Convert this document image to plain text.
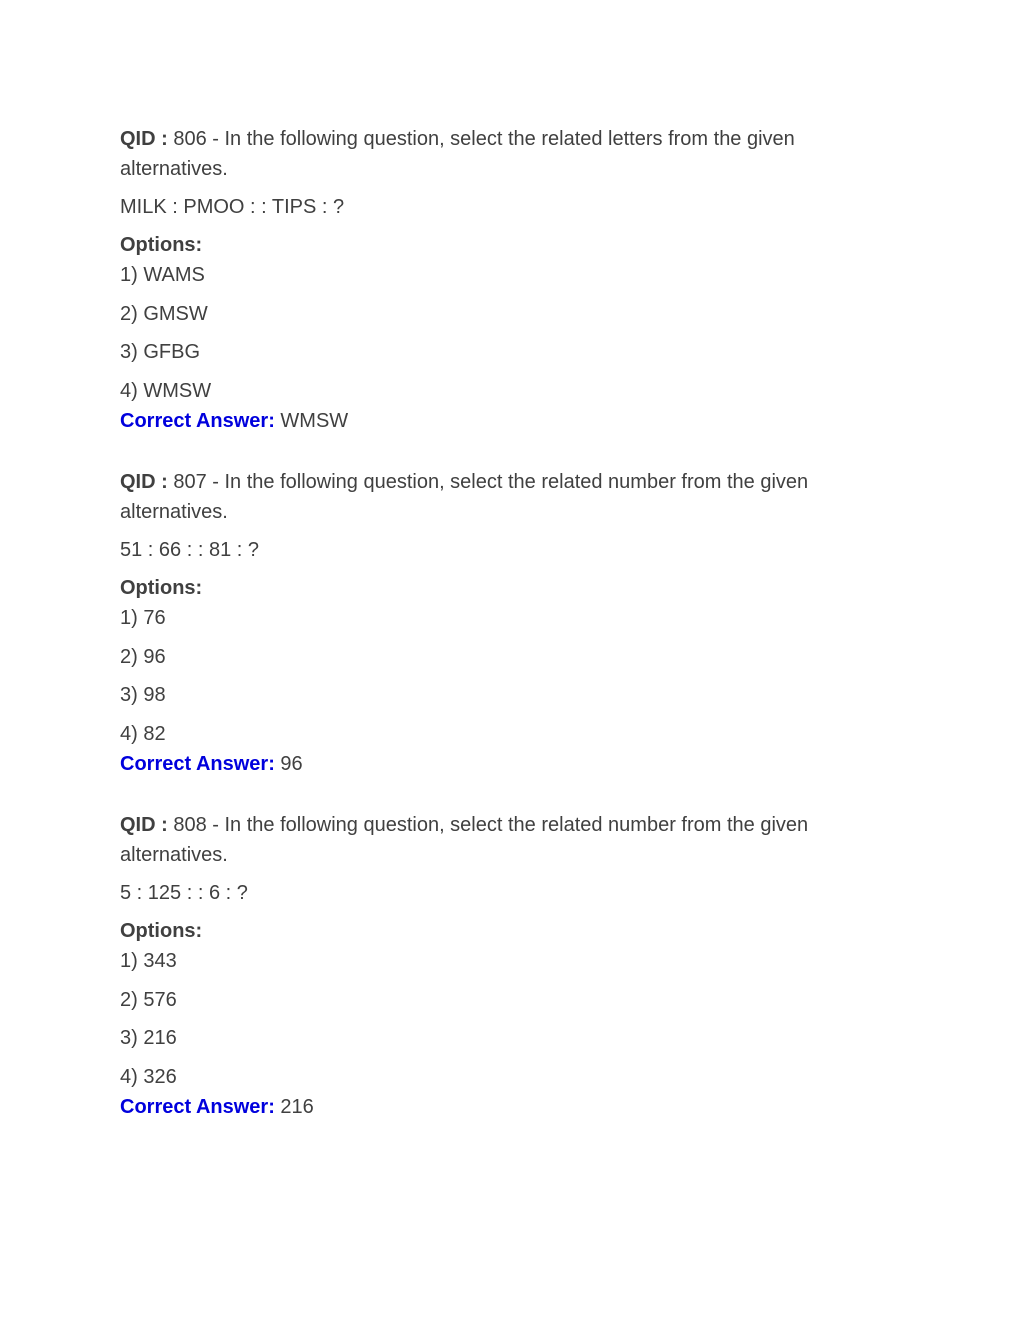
QID : 806 - In the following question, select the related letters from the given alternatives.

MILK : PMOO : : TIPS : ?
Options:
1) WAMS
2) GMSW
3) GFBG
4) WMSW
Correct Answer: WMSW

QID : 807 - In the following question, select the related number from the given alternatives.

51 : 66 : : 81 : ?
Options:
1) 76
2) 96
3) 98
4) 82
Correct Answer: 96

QID : 808 - In the following question, select the related number from the given alternatives.

5 : 125 : : 6 : ?
Options:
1) 343
2) 576
3) 216
4) 326
Correct Answer: 216
